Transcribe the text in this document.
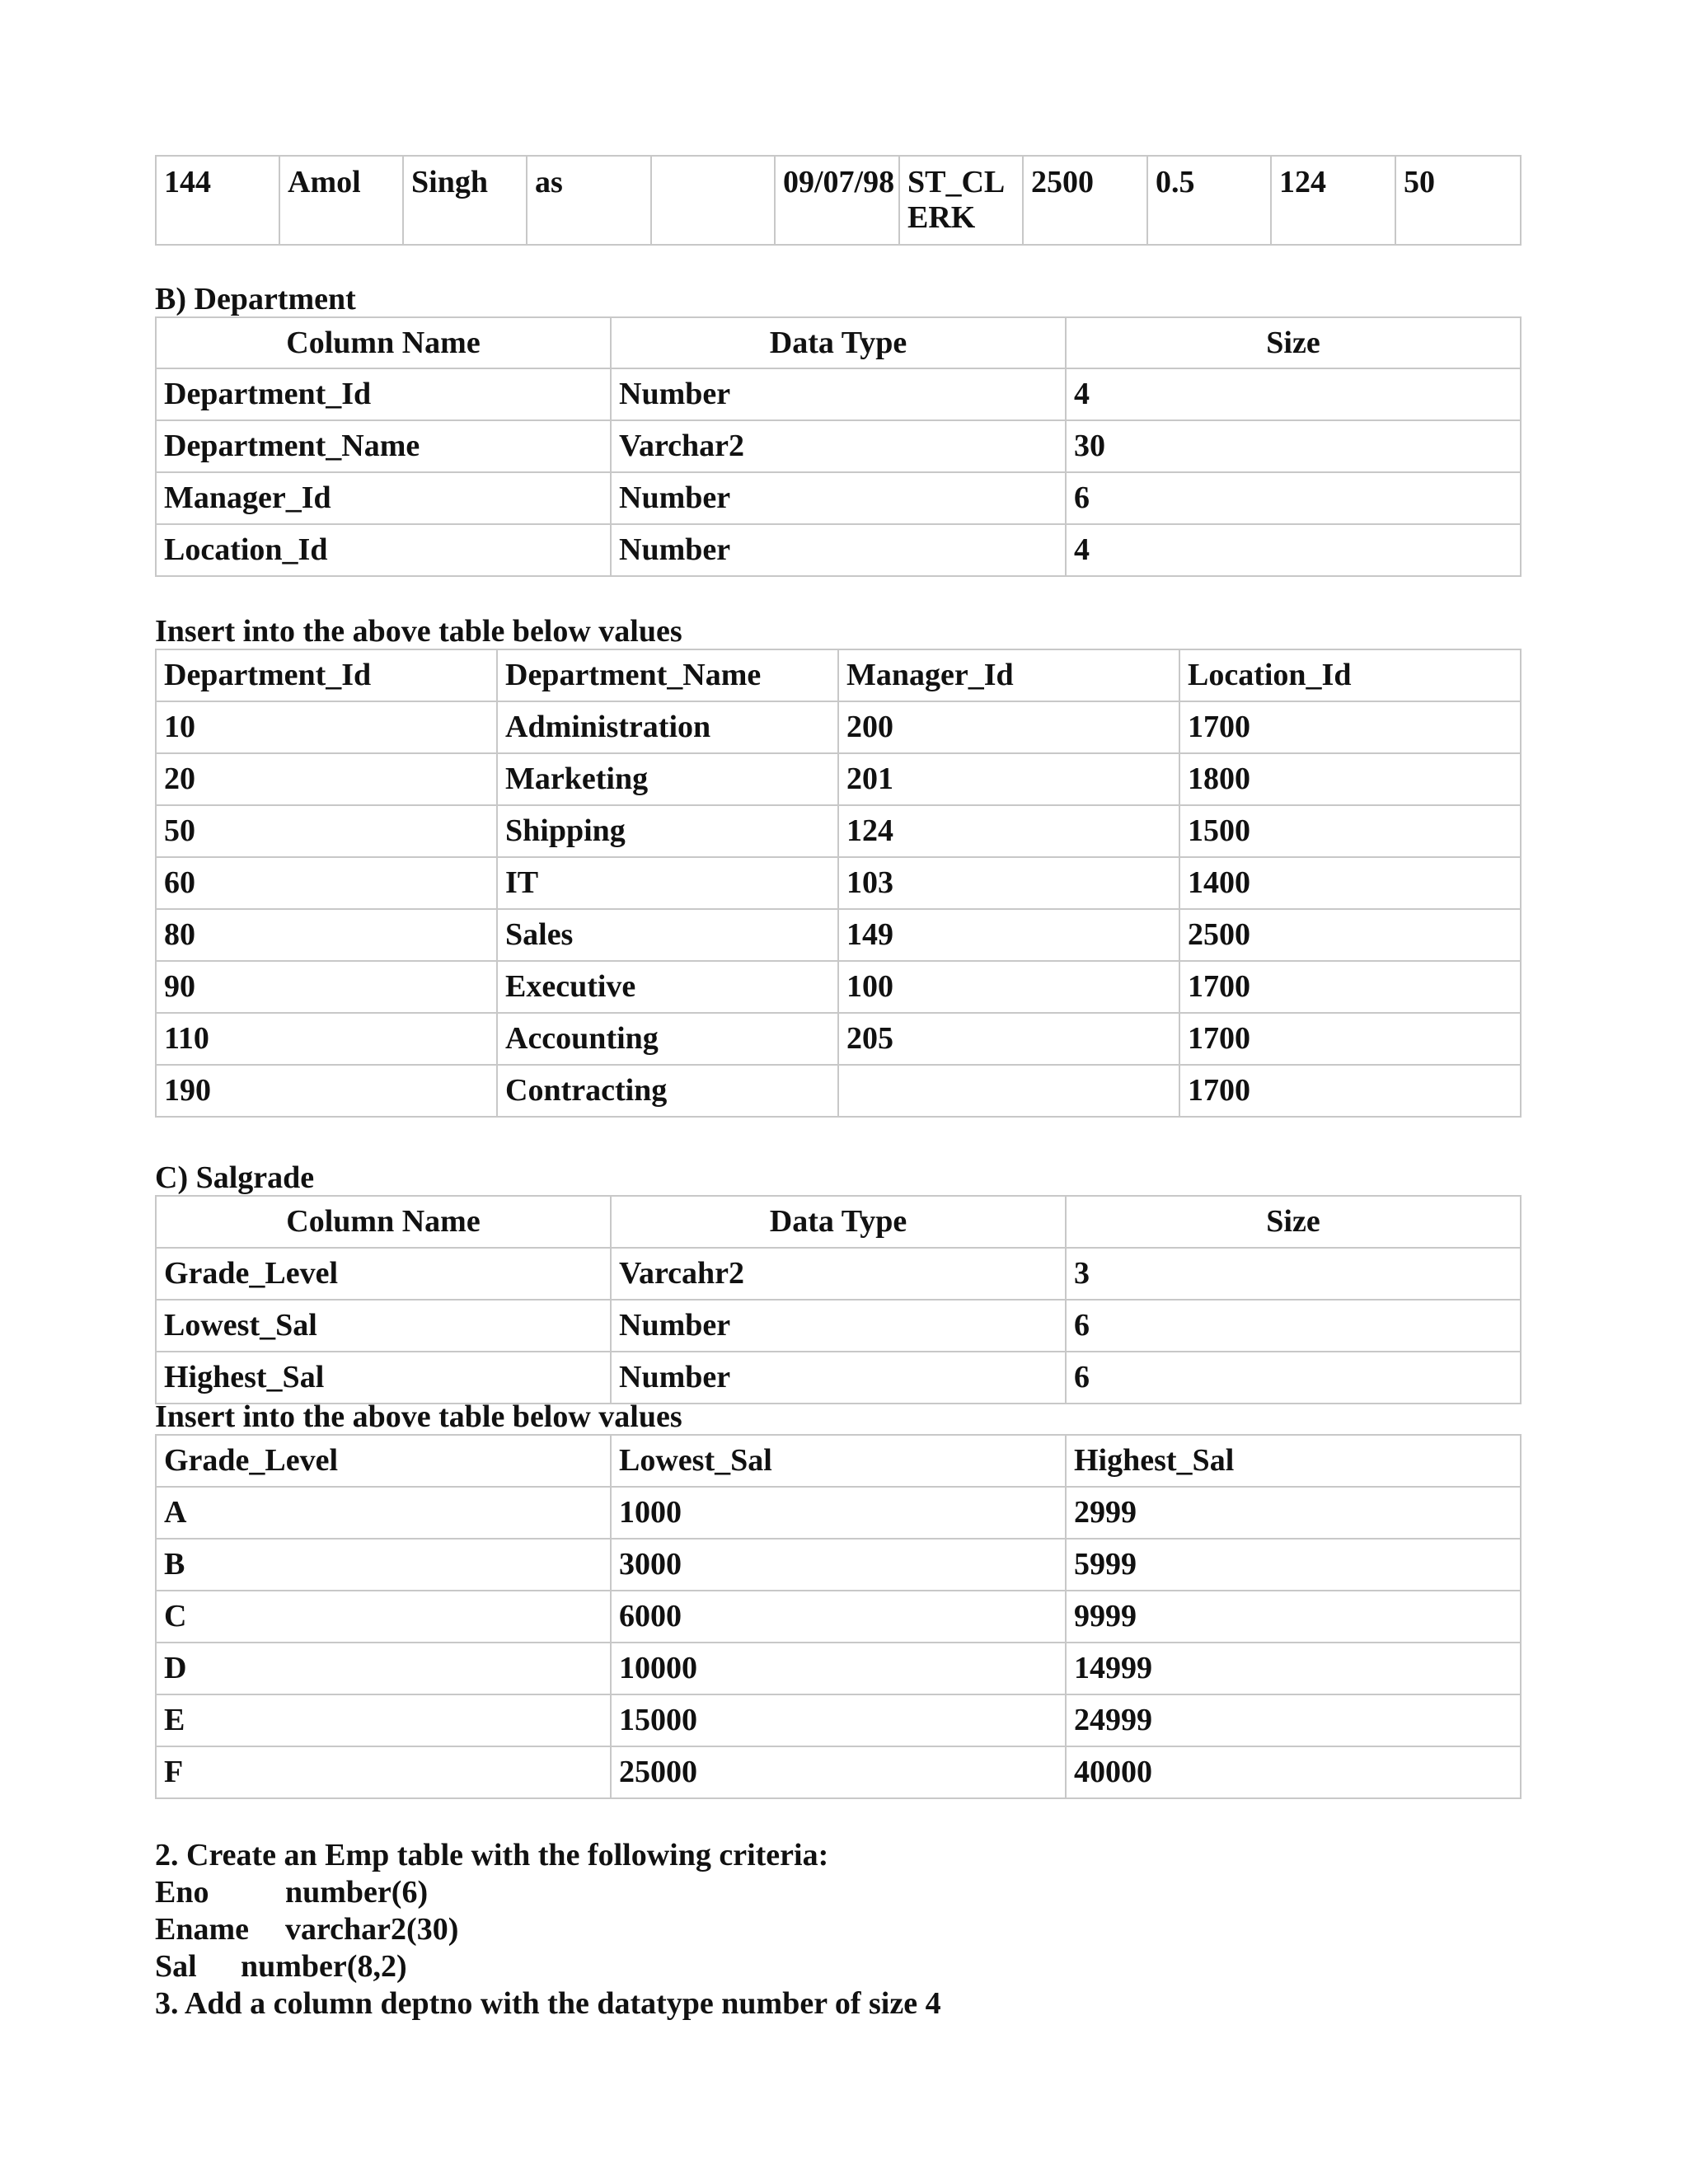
144	Amol	Singh	as		09/07/98	ST_CLERK	2500	0.5	124	50
B) Department
Column Name	Data Type	Size
Department_Id	Number	4
Department_Name	Varchar2	30
Manager_Id	Number	6
Location_Id	Number	4
Insert into the above table below values
Department_Id	Department_Name	Manager_Id	Location_Id
10	Administration	200	1700
20	Marketing	201	1800
50	Shipping	124	1500
60	IT	103	1400
80	Sales	149	2500
90	Executive	100	1700
110	Accounting	205	1700
190	Contracting		1700
C) Salgrade
Column Name	Data Type	Size
Grade_Level	Varcahr2	3
Lowest_Sal	Number	6
Highest_Sal	Number	6
Insert into the above table below values
Grade_Level	Lowest_Sal	Highest_Sal
A	1000	2999
B	3000	5999
C	6000	9999
D	10000	14999
E	15000	24999
F	25000	40000
2. Create an Emp table with the following criteria:
Eno number(6)
Ename varchar2(30)
Sal number(8,2)
3. Add a column deptno with the datatype number of size 4
